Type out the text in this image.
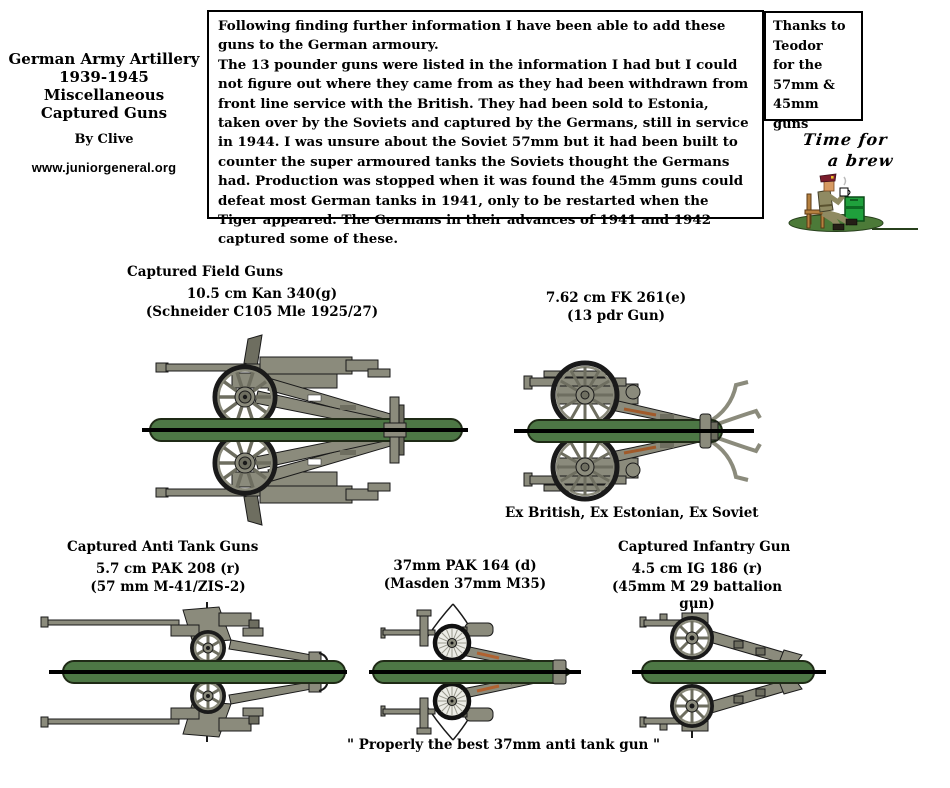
German Army Artillery
1939-1945
Miscellaneous
Captured Guns
By Clive
www.juniorgeneral.org
Following finding further information I have been able to add these guns to the German armoury.
The 13 pounder guns were listed in the information I had but I could not figure out where they came from as they had been withdrawn from front line service with the British. They had been sold to Estonia, taken over by the Soviets and captured by the Germans, still in service in 1944. I was unsure about the Soviet 57mm but it had been built to counter the super armoured tanks the Soviets thought the Germans had. Production was stopped when it was found the 45mm guns could defeat most German tanks in 1941, only to be restarted when the Tiger appeared. The Germans in their advances of 1941 and 1942 captured some of these.
Thanks to
Teodor
for the
57mm &
45mm guns
Time for
a brew
Captured Field Guns
10.5 cm Kan 340(g)
(Schneider C105 Mle 1925/27)
7.62 cm FK 261(e)
(13 pdr Gun)
Ex British, Ex Estonian, Ex Soviet
Captured Anti Tank Guns	Captured Infantry Gun
5.7 cm PAK 208 (r)
(57 mm M-41/ZIS-2)
37mm PAK 164 (d)
(Masden 37mm M35)
4.5 cm IG 186 (r)
(45mm M 29 battalion gun)
" Properly the best 37mm anti tank gun "
